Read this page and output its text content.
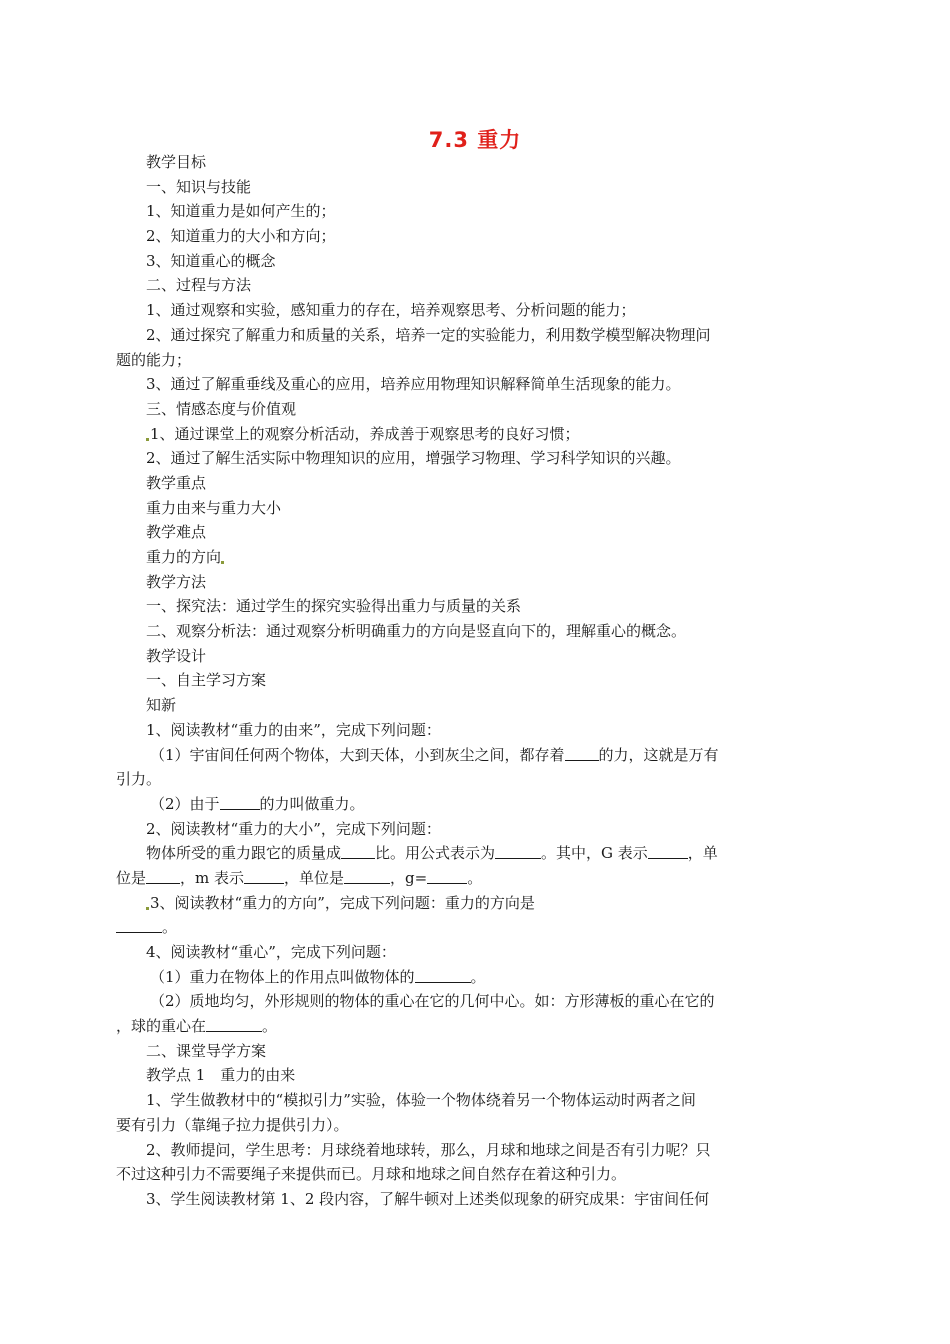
7.3 重力
教学目标
一、知识与技能
1、知道重力是如何产生的；
2、知道重力的大小和方向；
3、知道重心的概念
二、过程与方法
1、通过观察和实验，感知重力的存在，培养观察思考、分析问题的能力；
2、通过探究了解重力和质量的关系，培养一定的实验能力，利用数学模型解决物理问
题的能力；
3、通过了解重垂线及重心的应用，培养应用物理知识解释简单生活现象的能力。
三、情感态度与价值观
1、通过课堂上的观察分析活动，养成善于观察思考的良好习惯；
2、通过了解生活实际中物理知识的应用，增强学习物理、学习科学知识的兴趣。
教学重点
重力由来与重力大小
教学难点
重力的方向
教学方法
一、探究法：通过学生的探究实验得出重力与质量的关系
二、观察分析法：通过观察分析明确重力的方向是竖直向下的，理解重心的概念。
教学设计
一、自主学习方案
知新
1、阅读教材“重力的由来”，完成下列问题：
（1）宇宙间任何两个物体，大到天体，小到灰尘之间，都存着 的力，这就是万有
引力。
（2）由于	的力叫做重力。
2、阅读教材“重力的大小”，完成下列问题：
物体所受的重力跟它的质量成 比。用公式表示为	。其中，G 表示	，单
位是 ，m 表示	，单位是	，g=	。
3、阅读教材“重力的方向”，完成下列问题：重力的方向是
。
4、阅读教材“重心”，完成下列问题：
（1）重力在物体上的作用点叫做物体的	。
（2）质地均匀，外形规则的物体的重心在它的几何中心。如：方形薄板的重心在它的
，球的重心在	。
二、课堂导学方案
教学点 1　重力的由来
1、学生做教材中的“模拟引力”实验，体验一个物体绕着另一个物体运动时两者之间
要有引力（靠绳子拉力提供引力）。
2、教师提问，学生思考：月球绕着地球转，那么，月球和地球之间是否有引力呢？只
不过这种引力不需要绳子来提供而已。月球和地球之间自然存在着这种引力。
3、学生阅读教材第 1、2 段内容，了解牛顿对上述类似现象的研究成果：宇宙间任何
